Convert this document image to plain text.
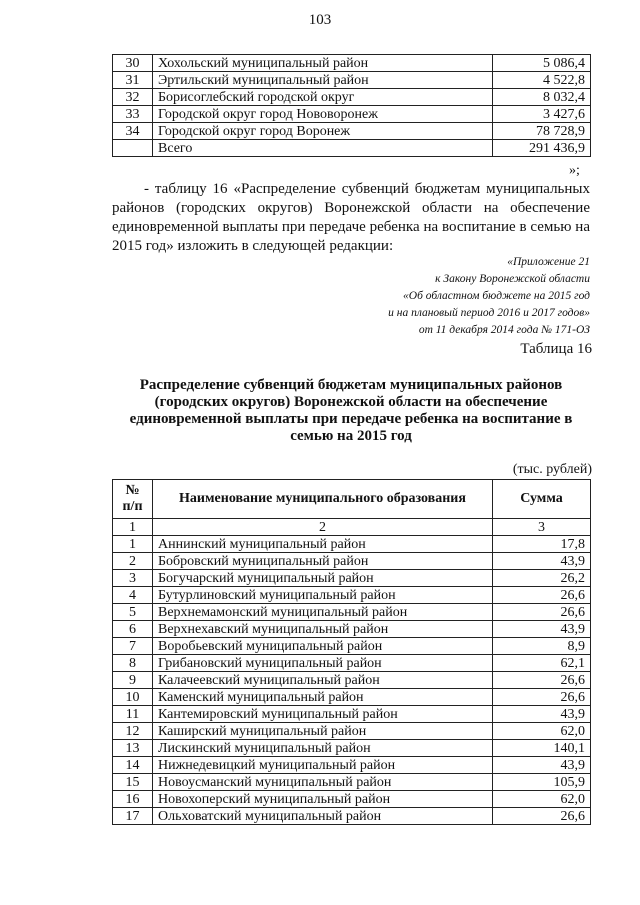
103
30	Хохольский муниципальный район	5 086,4
31	Эртильский муниципальный район	4 522,8
32	Борисоглебский городской округ	8 032,4
33	Городской округ город Нововоронеж	3 427,6
34	Городской округ город Воронеж	78 728,9
	Всего	291 436,9
»;
- таблицу 16 «Распределение субвенций бюджетам муниципальных районов (городских округов) Воронежской области на обеспечение единовременной выплаты при передаче ребенка на воспитание в семью на 2015 год» изложить в следующей редакции:
«Приложение 21
к Закону Воронежской области
«Об областном бюджете на 2015 год
и на плановый период 2016 и 2017 годов»
от 11 декабря 2014 года № 171-ОЗ
Таблица 16
Распределение субвенций бюджетам муниципальных районов (городских округов) Воронежской области на обеспечение единовременной выплаты при передаче ребенка на воспитание в семью на 2015 год
(тыс. рублей)
№ п/п	Наименование муниципального образования	Сумма
1	2	3
1	Аннинский муниципальный район	17,8
2	Бобровский муниципальный район	43,9
3	Богучарский муниципальный район	26,2
4	Бутурлиновский муниципальный район	26,6
5	Верхнемамонский муниципальный район	26,6
6	Верхнехавский муниципальный район	43,9
7	Воробьевский муниципальный район	8,9
8	Грибановский муниципальный район	62,1
9	Калачеевский муниципальный район	26,6
10	Каменский муниципальный район	26,6
11	Кантемировский муниципальный район	43,9
12	Каширский муниципальный район	62,0
13	Лискинский муниципальный район	140,1
14	Нижнедевицкий муниципальный район	43,9
15	Новоусманский муниципальный район	105,9
16	Новохоперский муниципальный район	62,0
17	Ольховатский муниципальный район	26,6
